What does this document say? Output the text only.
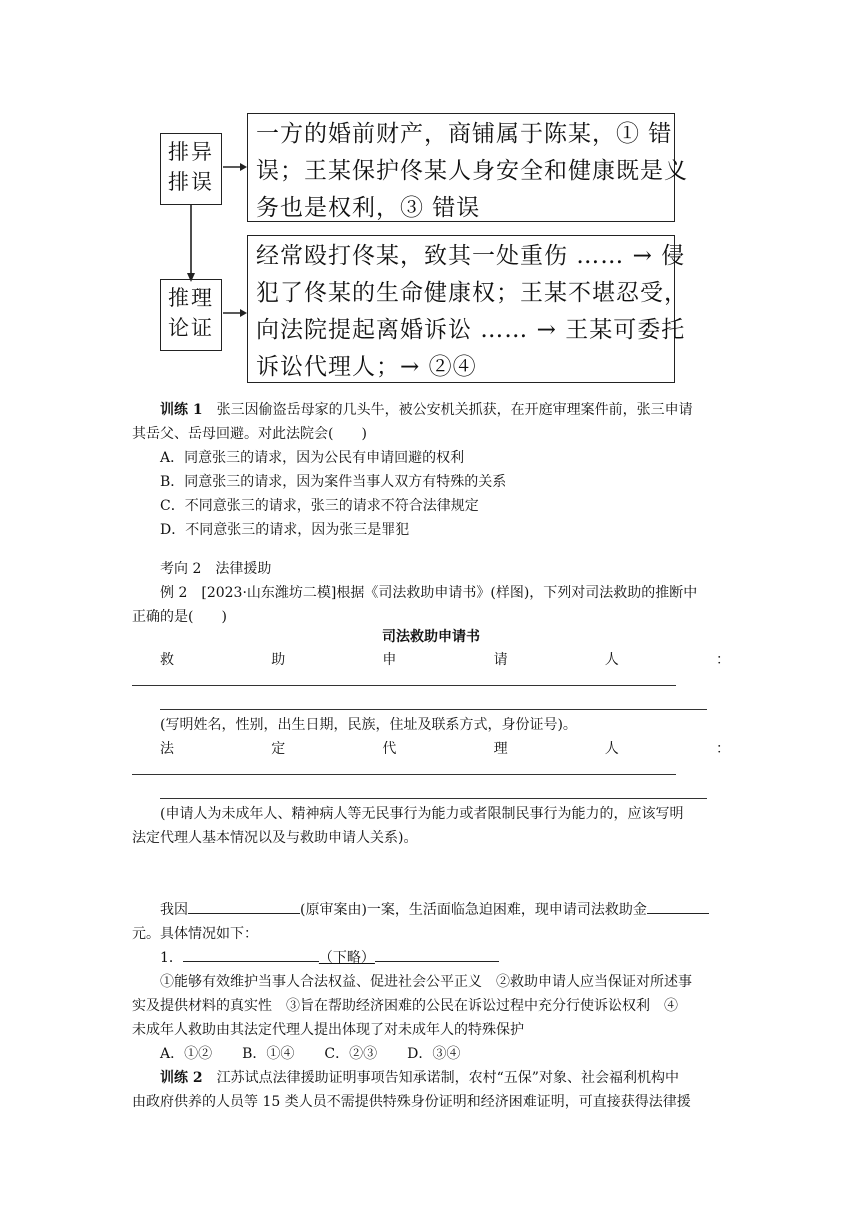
排异
排误
一方的婚前财产，商铺属于陈某，① 错
误；王某保护佟某人身安全和健康既是义
务也是权利，③ 错误
推理
论证
经常殴打佟某，致其一处重伤 …… → 侵
犯了佟某的生命健康权；王某不堪忍受，
向法院提起离婚诉讼 …… → 王某可委托
诉讼代理人；→ ②④
训练 1　 张三因偷盗岳母家的几头牛，被公安机关抓获，在开庭审理案件前，张三申请
其岳父、岳母回避。对此法院会(　　)
A．同意张三的请求，因为公民有申请回避的权利
B．同意张三的请求，因为案件当事人双方有特殊的关系
C．不同意张三的请求，张三的请求不符合法律规定
D．不同意张三的请求，因为张三是罪犯
考向 2　法律援助
例 2　 [2023·山东潍坊二模]根据《司法救助申请书》(样图)，下列对司法救助的推断中
正确的是(　　)
司法救助申请书
救	助	申	请	人	：
(写明姓名，性别，出生日期，民族，住址及联系方式，身份证号)。
法	定	代	理	人	：
(申请人为未成年人、精神病人等无民事行为能力或者限制民事行为能力的，应该写明
法定代理人基本情况以及与救助申请人关系)。
我因	(原审案由)一案，生活面临急迫困难，现申请司法救助金
元。具体情况如下：
1．	（下略）
①能够有效维护当事人合法权益、促进社会公平正义　②救助申请人应当保证对所述事
实及提供材料的真实性　③旨在帮助经济困难的公民在诉讼过程中充分行使诉讼权利　④
未成年人救助由其法定代理人提出体现了对未成年人的特殊保护
A．①② B．①④ C．②③ D．③④
训练 2　 江苏试点法律援助证明事项告知承诺制，农村“五保”对象、社会福利机构中
由政府供养的人员等 15 类人员不需提供特殊身份证明和经济困难证明，可直接获得法律援
